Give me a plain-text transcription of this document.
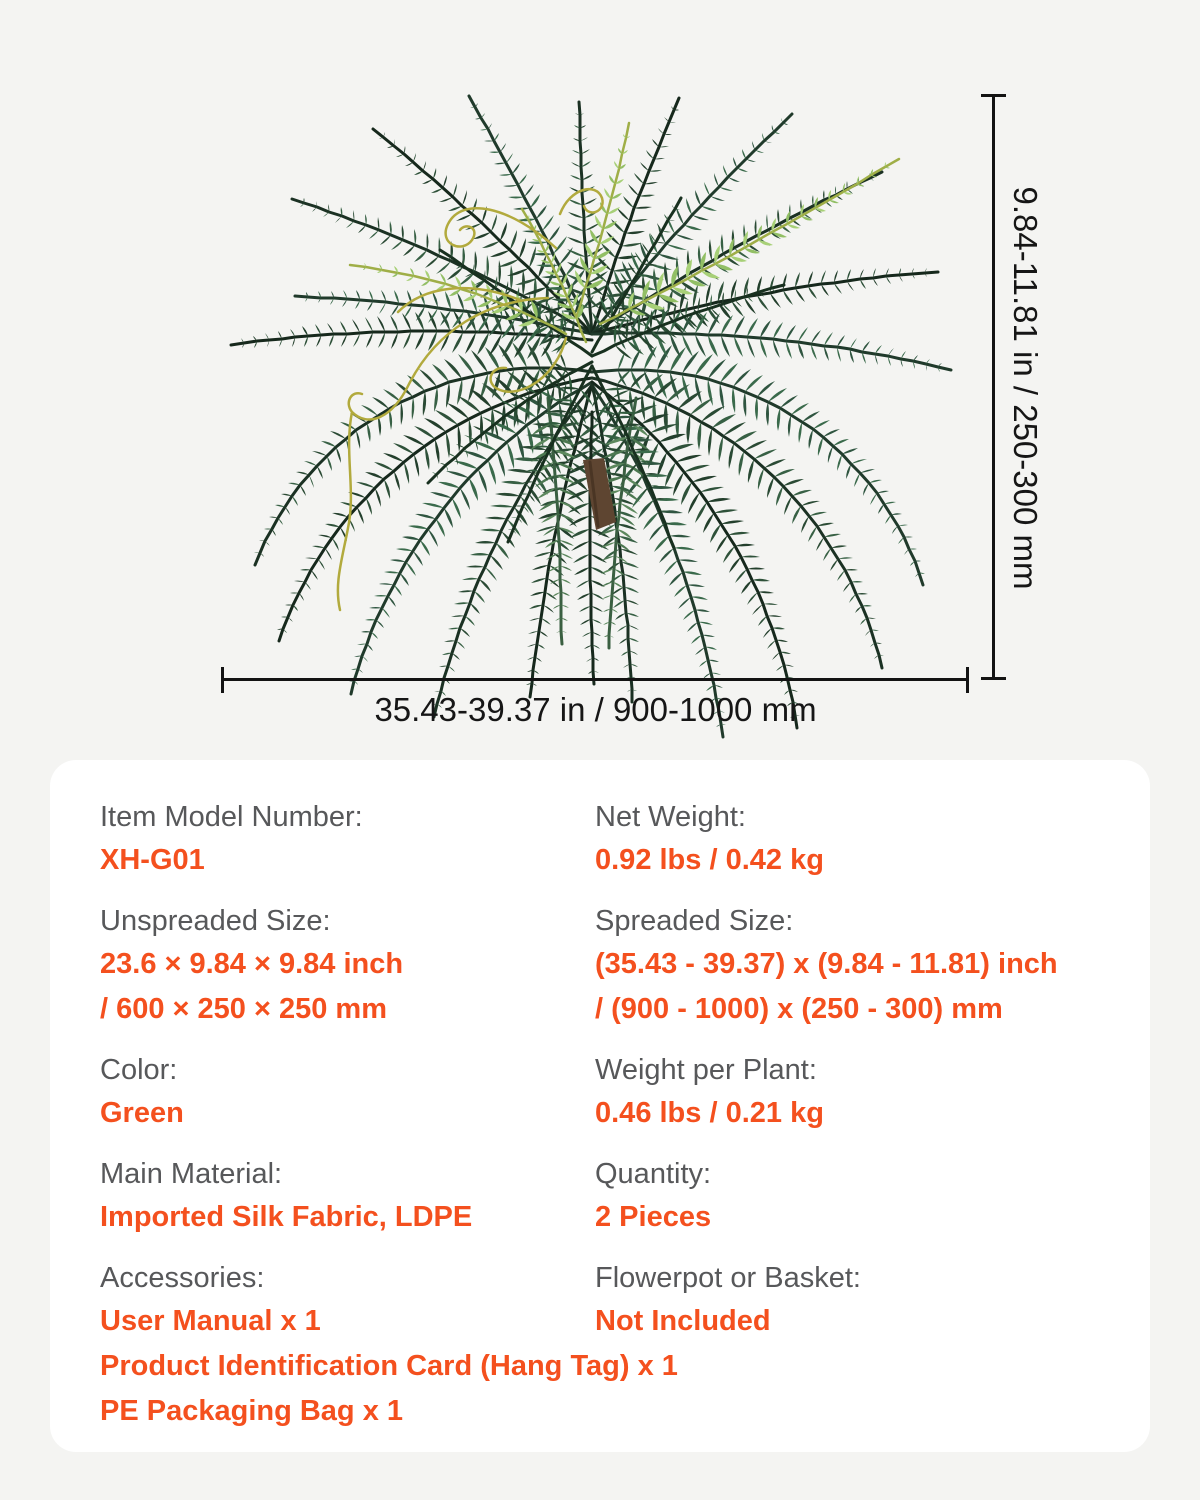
35.43-39.37 in / 900-1000 mm
9.84-11.81 in / 250-300 mm
Item Model Number:
XH-G01
Net Weight:
0.92 lbs / 0.42 kg
Unspreaded Size:
23.6 × 9.84 × 9.84 inch
/ 600 × 250 × 250 mm
Spreaded Size:
(35.43 - 39.37) x (9.84 - 11.81) inch
/ (900 - 1000) x (250 - 300) mm
Color:
Green
Weight per Plant:
0.46 lbs / 0.21 kg
Main Material:
Imported Silk Fabric, LDPE
Quantity:
2 Pieces
Accessories:
User Manual x 1
Product Identification Card (Hang Tag) x 1
PE Packaging Bag x 1
Flowerpot or Basket:
Not Included
